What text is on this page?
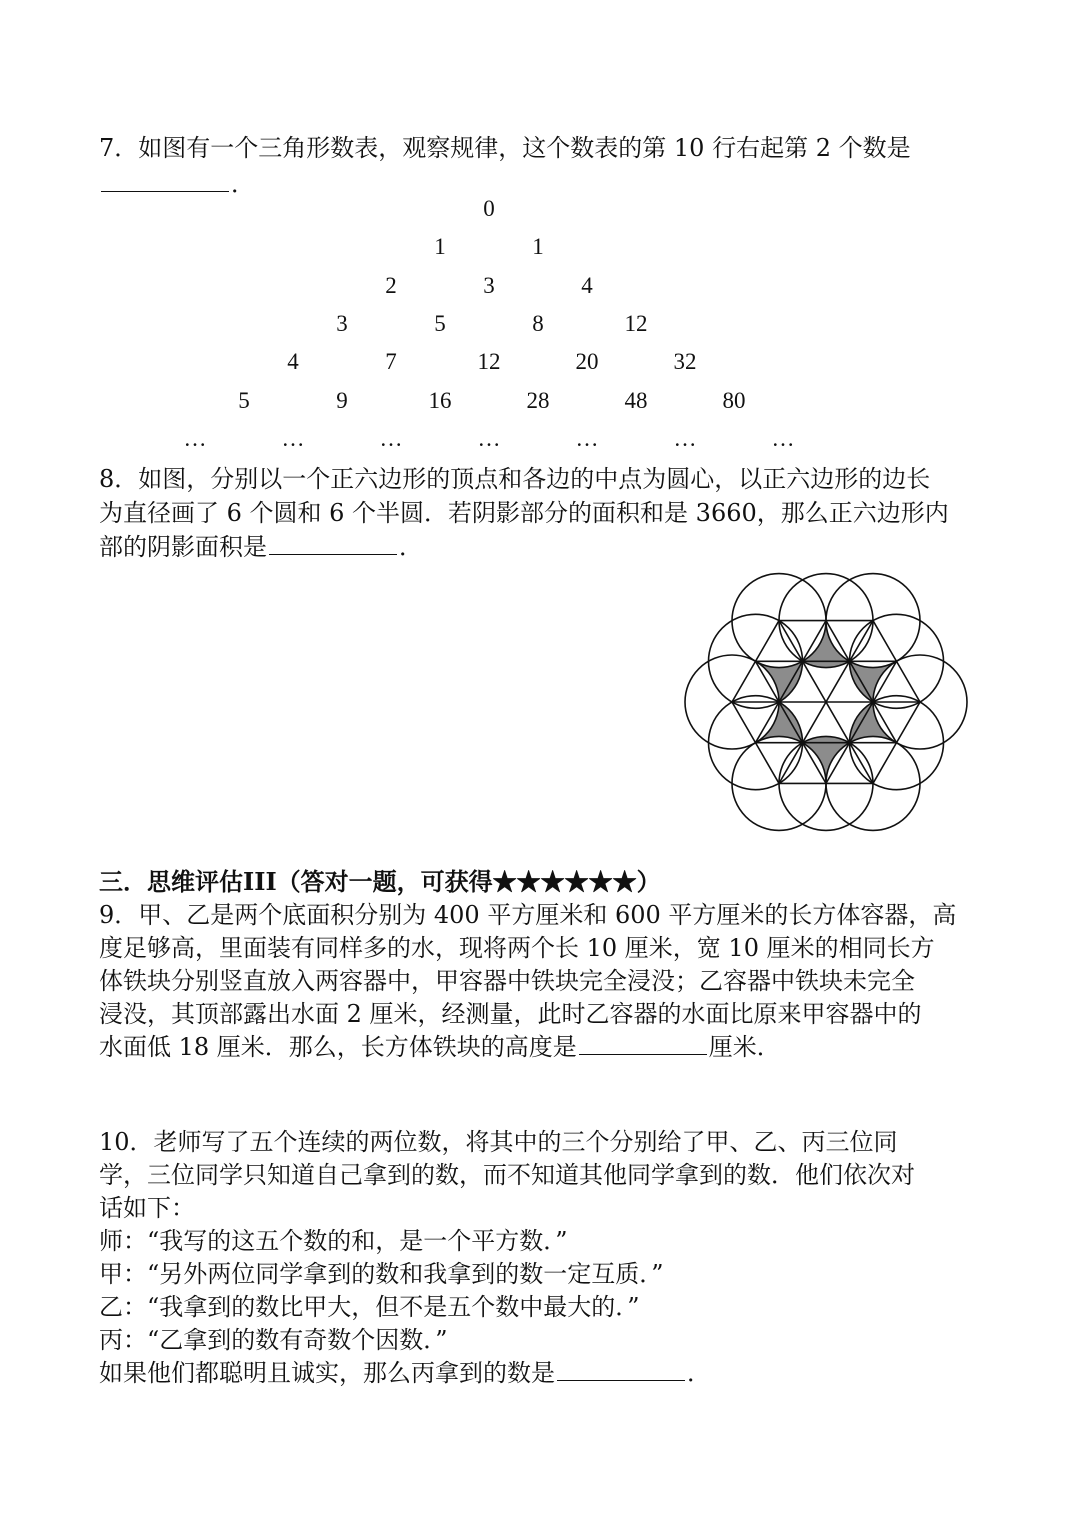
7．如图有一个三角形数表，观察规律，这个数表的第 10 行右起第 2 个数是

．

0
1	1
2	3	4
3	5	8	12
4	7	12	20	32
5	9	16	28	48	80
…	…	…	…	…	…	…

8．如图，分别以一个正六边形的顶点和各边的中点为圆心，以正六边形的边长

为直径画了 6 个圆和 6 个半圆．若阴影部分的面积和是 3660，那么正六边形内

部的阴影面积是	．

三．思维评估III（答对一题，可获得★★★★★★）

9．甲、乙是两个底面积分别为 400 平方厘米和 600 平方厘米的长方体容器，高

度足够高，里面装有同样多的水，现将两个长 10 厘米，宽 10 厘米的相同长方

体铁块分别竖直放入两容器中，甲容器中铁块完全浸没；乙容器中铁块未完全

浸没，其顶部露出水面 2 厘米，经测量，此时乙容器的水面比原来甲容器中的

水面低 18 厘米．那么，长方体铁块的高度是	厘米．

10．老师写了五个连续的两位数，将其中的三个分别给了甲、乙、丙三位同

学，三位同学只知道自己拿到的数，而不知道其他同学拿到的数．他们依次对

话如下：

师：“我写的这五个数的和，是一个平方数．”

甲：“另外两位同学拿到的数和我拿到的数一定互质．”

乙：“我拿到的数比甲大，但不是五个数中最大的．”

丙：“乙拿到的数有奇数个因数．”

如果他们都聪明且诚实，那么丙拿到的数是	．
